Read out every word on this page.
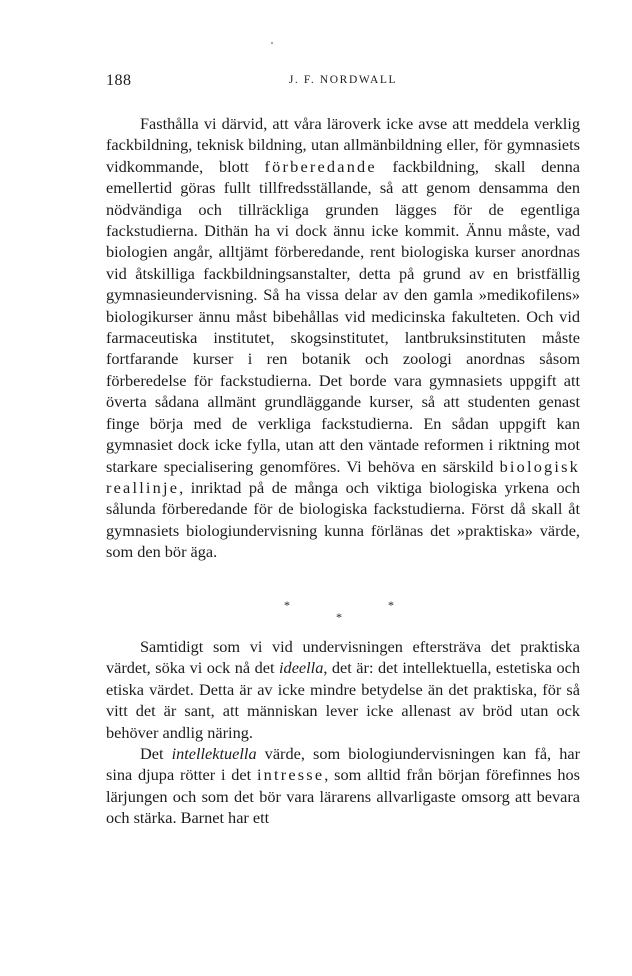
188	J. F. NORDWALL

Fasthålla vi därvid, att våra läroverk icke avse att meddela verklig fackbildning, teknisk bildning, utan allmänbildning eller, för gymnasiets vidkommande, blott förberedande fackbildning, skall denna emellertid göras fullt tillfredsställande, så att genom densamma den nödvändiga och tillräckliga grunden lägges för de egentliga fackstudierna. Dithän ha vi dock ännu icke kommit. Ännu måste, vad biologien angår, alltjämt förberedande, rent biologiska kurser anordnas vid åtskilliga fackbildningsanstalter, detta på grund av en bristfällig gymnasieundervisning. Så ha vissa delar av den gamla »medikofilens» biologikurser ännu måst bibehållas vid medicinska fakulteten. Och vid farmaceutiska institutet, skogsinstitutet, lantbruksinstituten måste fortfarande kurser i ren botanik och zoologi anordnas såsom förberedelse för fackstudierna. Det borde vara gymnasiets uppgift att överta sådana allmänt grundläggande kurser, så att studenten genast finge börja med de verkliga fackstudierna. En sådan uppgift kan gymnasiet dock icke fylla, utan att den väntade reformen i riktning mot starkare specialisering genomföres. Vi behöva en särskild biologisk reallinje, inriktad på de många och viktiga biologiska yrkena och sålunda förberedande för de biologiska fackstudierna. Först då skall åt gymnasiets biologiundervisning kunna förlänas det »praktiska» värde, som den bör äga.

*	*
*

Samtidigt som vi vid undervisningen eftersträva det praktiska värdet, söka vi ock nå det ideella, det är: det intellektuella, estetiska och etiska värdet. Detta är av icke mindre betydelse än det praktiska, för så vitt det är sant, att människan lever icke allenast av bröd utan ock behöver andlig näring.

Det intellektuella värde, som biologiundervisningen kan få, har sina djupa rötter i det intresse, som alltid från början förefinnes hos lärjungen och som det bör vara lärarens allvarligaste omsorg att bevara och stärka. Barnet har ett
